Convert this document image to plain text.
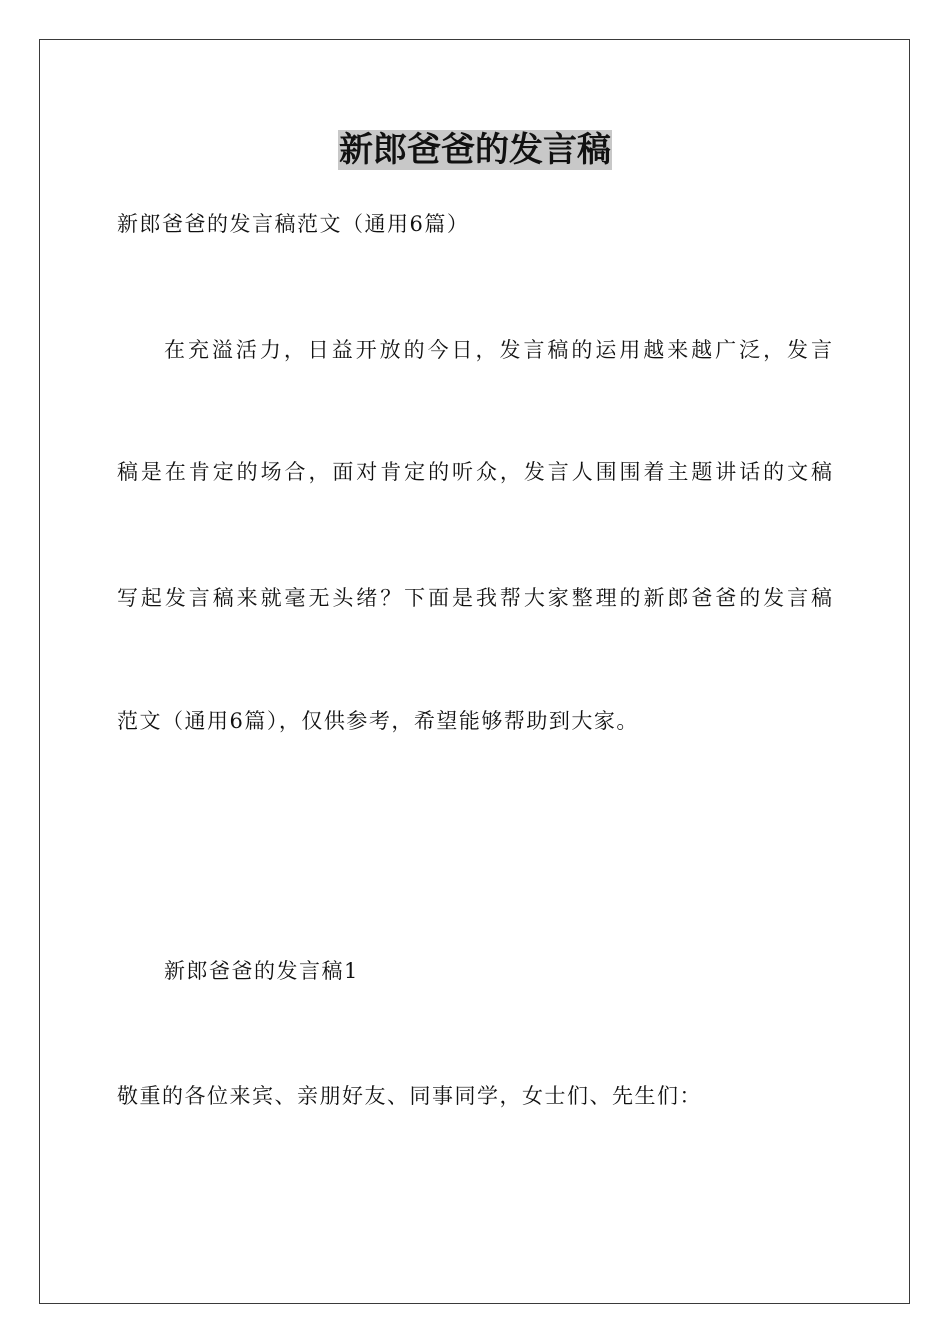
新郎爸爸的发言稿
新郎爸爸的发言稿范文（通用6篇）
在充溢活力，日益开放的今日，发言稿的运用越来越广泛，发言
稿是在肯定的场合，面对肯定的听众，发言人围围着主题讲话的文稿
写起发言稿来就毫无头绪？下面是我帮大家整理的新郎爸爸的发言稿
范文（通用6篇），仅供参考，希望能够帮助到大家。
新郎爸爸的发言稿1
敬重的各位来宾、亲朋好友、同事同学，女士们、先生们：
